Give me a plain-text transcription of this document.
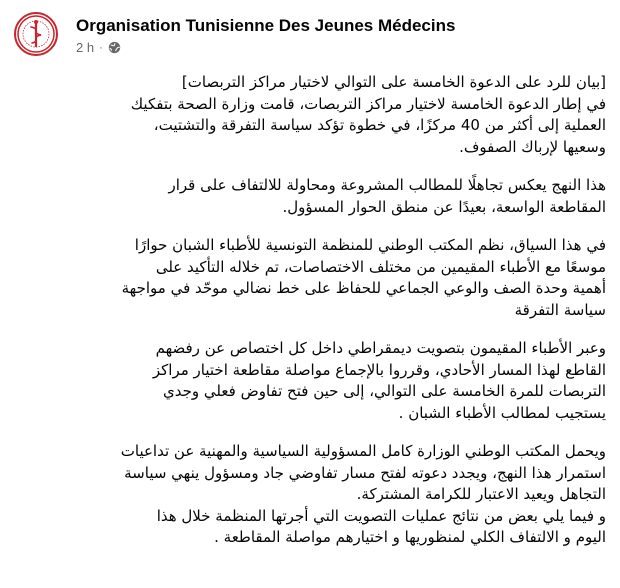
Organisation Tunisienne Des Jeunes Médecins
2 h ·
[بيان للرد على الدعوة الخامسة على التوالي لاختيار مراكز التربصات]
في إطار الدعوة الخامسة لاختيار مراكز التربصات، قامت وزارة الصحة بتفكيك
العملية إلى أكثر من 40 مركزًا، في خطوة تؤكد سياسة التفرقة والتشتيت،
وسعيها لإرباك الصفوف.
هذا النهج يعكس تجاهلًا للمطالب المشروعة ومحاولة للالتفاف على قرار
المقاطعة الواسعة، بعيدًا عن منطق الحوار المسؤول.
في هذا السياق، نظم المكتب الوطني للمنظمة التونسية للأطباء الشبان حوارًا
موسعًا مع الأطباء المقيمين من مختلف الاختصاصات، تم خلاله التأكيد على
أهمية وحدة الصف والوعي الجماعي للحفاظ على خط نضالي موحّد في مواجهة
سياسة التفرقة
وعبر الأطباء المقيمون بتصويت ديمقراطي داخل كل اختصاص عن رفضهم
القاطع لهذا المسار الأحادي، وقرروا بالإجماع مواصلة مقاطعة اختيار مراكز
التربصات للمرة الخامسة على التوالي، إلى حين فتح تفاوض فعلي وجدي
يستجيب لمطالب الأطباء الشبان .
ويحمل المكتب الوطني الوزارة كامل المسؤولية السياسية والمهنية عن تداعيات
استمرار هذا النهج، ويجدد دعوته لفتح مسار تفاوضي جاد ومسؤول ينهي سياسة
التجاهل ويعيد الاعتبار للكرامة المشتركة.
و فيما يلي بعض من نتائج عمليات التصويت التي أجرتها المنظمة خلال هذا
اليوم و الالتفاف الكلي لمنظوريها و اختيارهم مواصلة المقاطعة .
